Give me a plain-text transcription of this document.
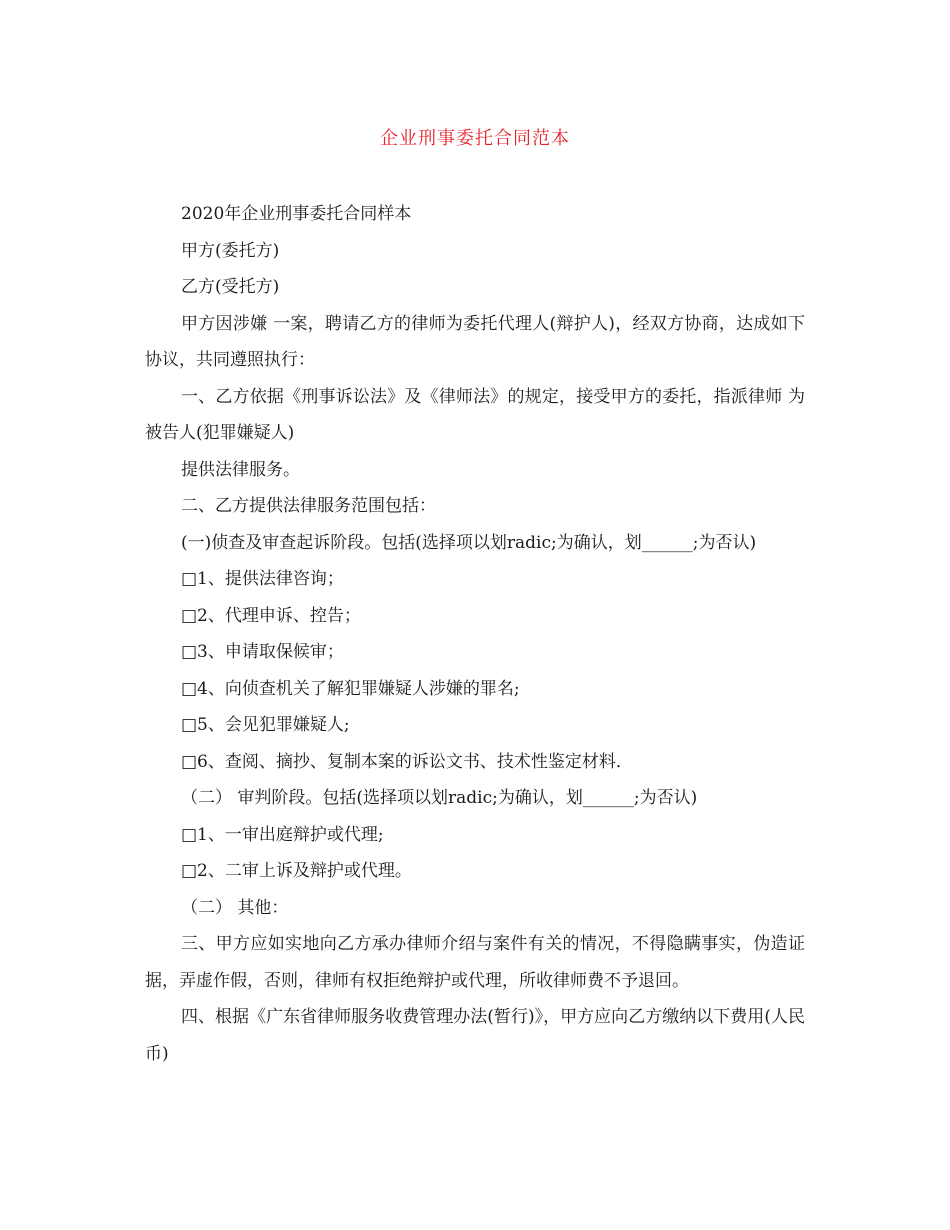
企业刑事委托合同范本

2020年企业刑事委托合同样本

甲方(委托方)

乙方(受托方)

甲方因涉嫌 一案，聘请乙方的律师为委托代理人(辩护人)，经双方协商，达成如下协议，共同遵照执行：

一、乙方依据《刑事诉讼法》及《律师法》的规定，接受甲方的委托，指派律师 为被告人(犯罪嫌疑人)

提供法律服务。

二、乙方提供法律服务范围包括：

(一)侦查及审查起诉阶段。包括(选择项以划radic;为确认，划______;为否认)

□1、提供法律咨询；

□2、代理申诉、控告；

□3、申请取保候审；

□4、向侦查机关了解犯罪嫌疑人涉嫌的罪名;

□5、会见犯罪嫌疑人;

□6、查阅、摘抄、复制本案的诉讼文书、技术性鉴定材料．

（二） 审判阶段。包括(选择项以划radic;为确认，划______;为否认)

□1、一审出庭辩护或代理;

□2、二审上诉及辩护或代理。

（二） 其他：

三、甲方应如实地向乙方承办律师介绍与案件有关的情况，不得隐瞒事实，伪造证据，弄虚作假，否则，律师有权拒绝辩护或代理，所收律师费不予退回。

四、根据《广东省律师服务收费管理办法(暂行)》，甲方应向乙方缴纳以下费用(人民币)
